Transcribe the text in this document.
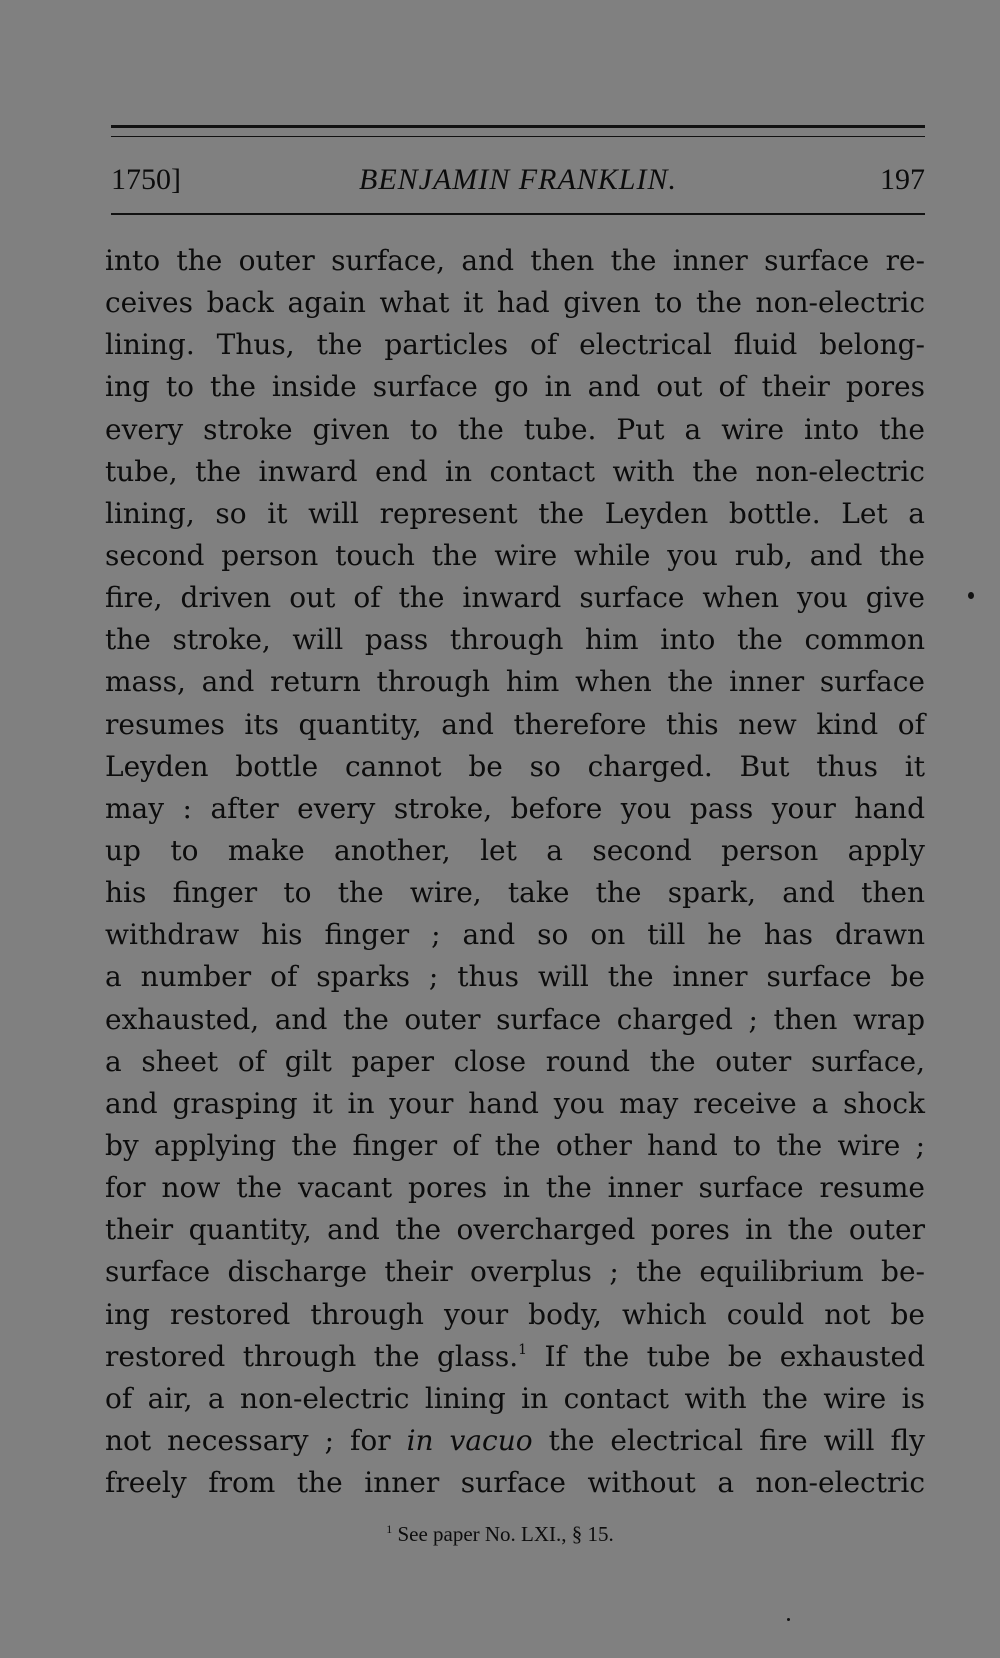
1750]	BENJAMIN FRANKLIN.	197
into the outer surface, and then the inner surface re-
ceives back again what it had given to the non-electric
lining. Thus, the particles of electrical fluid belong-
ing to the inside surface go in and out of their pores
every stroke given to the tube. Put a wire into the
tube, the inward end in contact with the non-electric
lining, so it will represent the Leyden bottle. Let a
second person touch the wire while you rub, and the
fire, driven out of the inward surface when you give
the stroke, will pass through him into the common
mass, and return through him when the inner surface
resumes its quantity, and therefore this new kind of
Leyden bottle cannot be so charged. But thus it
may : after every stroke, before you pass your hand
up to make another, let a second person apply
his finger to the wire, take the spark, and then
withdraw his finger ; and so on till he has drawn
a number of sparks ; thus will the inner surface be
exhausted, and the outer surface charged ; then wrap
a sheet of gilt paper close round the outer surface,
and grasping it in your hand you may receive a shock
by applying the finger of the other hand to the wire ;
for now the vacant pores in the inner surface resume
their quantity, and the overcharged pores in the outer
surface discharge their overplus ; the equilibrium be-
ing restored through your body, which could not be
restored through the glass.$^1$ If the tube be exhausted
of air, a non-electric lining in contact with the wire is
not necessary ; for in vacuo the electrical fire will fly
freely from the inner surface without a non-electric
$^1$ See paper No. LXI., § 15.
